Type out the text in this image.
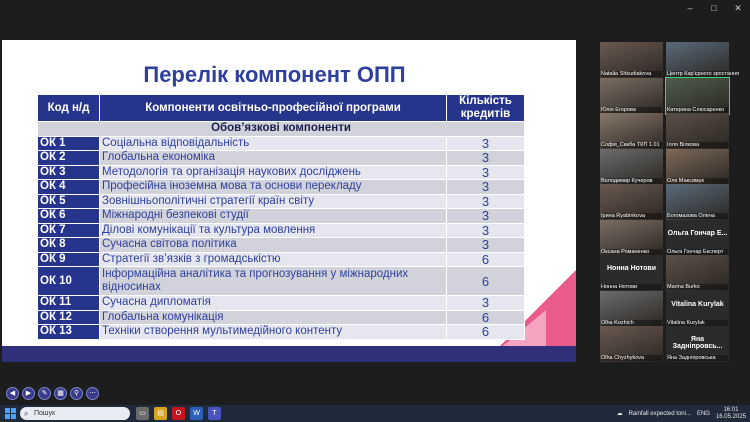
–	□	✕
Перелік компонент ОПП
Код н/д	Компоненти освітньо-професійної програми	Кількість кредитів
Обов’язкові компоненти		
ОК 1	Соціальна відповідальність	3
ОК 2	Глобальна економіка	3
ОК 3	Методологія та організація наукових досліджень	3
ОК 4	Професійна іноземна мова та основи перекладу	3
ОК 5	Зовнішньополітичні стратегії країн світу	3
ОК 6	Міжнародні безпекові студії	3
ОК 7	Ділові комунікації та культура мовлення	3
ОК 8	Сучасна світова політика	3
ОК 9	Стратегії зв’язків з громадськістю	6
ОК 10	Інформаційна аналітика та прогнозування у міжнародних відносинах	6
ОК 11	Сучасна дипломатія	3
ОК 12	Глобальна комунікація	6
ОК 13	Техніки створення мультимедійного контенту	6
◀	▶	✎	▦	⚲	⋯
Natalia Shkudiakova	Центр Кар'єрного зростання
Юлія Егорова	Катерина Слюсаренко
Софія_Скиба ТКП 1.01	Ілля Вілкова
Володимир Кучеров	Оля Максимук
Ірина Ryabinkova	Богомазова Олена
Оксана Романенко
Ольга Гончар Е...
Ольга Гончар Експерт
Нонна Нотови
Нонна Нотови	Marina Burko
Olha Kozhich
Vitalina Kurylak
Vitalina Kurylak
Olha Chyzhykova
Яна Задніпровсь...
Яна Задніпровська
⌕ Пошук	▭	▤	O	W	T	☁ Rainfall expected toni... ENG
16:01
16.05.2025
